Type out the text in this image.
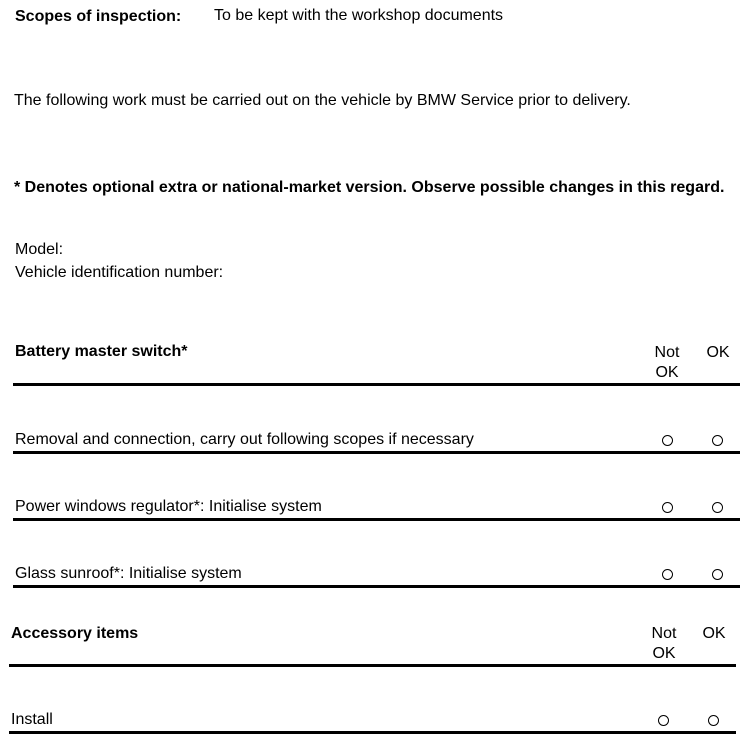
Scopes of inspection: To be kept with the workshop documents
The following work must be carried out on the vehicle by BMW Service prior to delivery.
* Denotes optional extra or national-market version. Observe possible changes in this regard.
Model:
Vehicle identification number:
Battery master switch*	Not OK
OK
Removal and connection, carry out following scopes if necessary
Power windows regulator*: Initialise system
Glass sunroof*: Initialise system
Accessory items	Not OK
OK
Install
